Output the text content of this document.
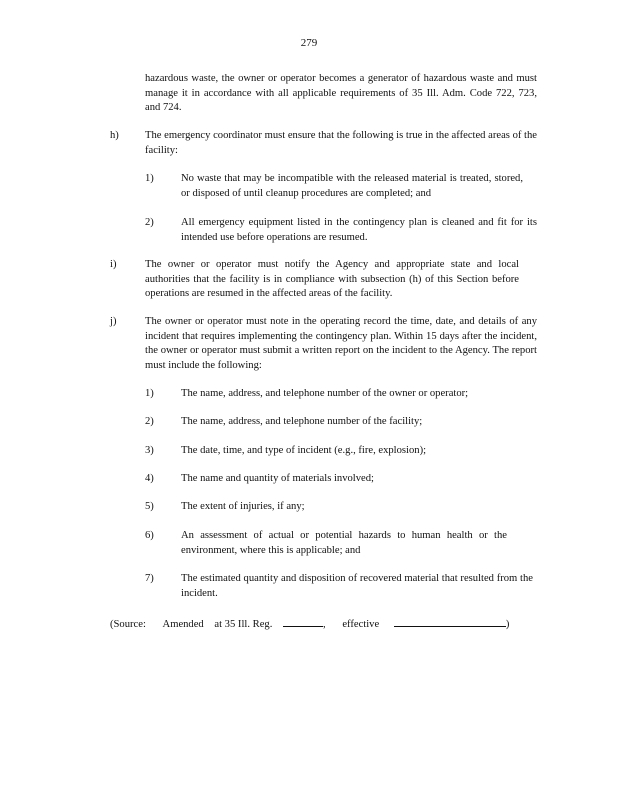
279

hazardous waste, the owner or operator becomes a generator of hazardous waste and must manage it in accordance with all applicable requirements of 35 Ill. Adm. Code 722, 723, and 724.

h) The emergency coordinator must ensure that the following is true in the affected areas of the facility:

1)	No waste that may be incompatible with the released material is treated, stored, or disposed of until cleanup procedures are completed; and

2)	All emergency equipment listed in the contingency plan is cleaned and fit for its intended use before operations are resumed.

i)	The owner or operator must notify the Agency and appropriate state and local authorities that the facility is in compliance with subsection (h) of this Section before operations are resumed in the affected areas of the facility.

j)	The owner or operator must note in the operating record the time, date, and details of any incident that requires implementing the contingency plan. Within 15 days after the incident, the owner or operator must submit a written report on the incident to the Agency. The report must include the following:

1)	The name, address, and telephone number of the owner or operator;

2)	The name, address, and telephone number of the facility;

3)	The date, time, and type of incident (e.g., fire, explosion);

4)	The name and quantity of materials involved;

5)	The extent of injuries, if any;

6)	An assessment of actual or potential hazards to human health or the environment, where this is applicable; and

7)	The estimated quantity and disposition of recovered material that resulted from the incident.

(Source: Amended at 35 Ill. Reg.	, effective	)
